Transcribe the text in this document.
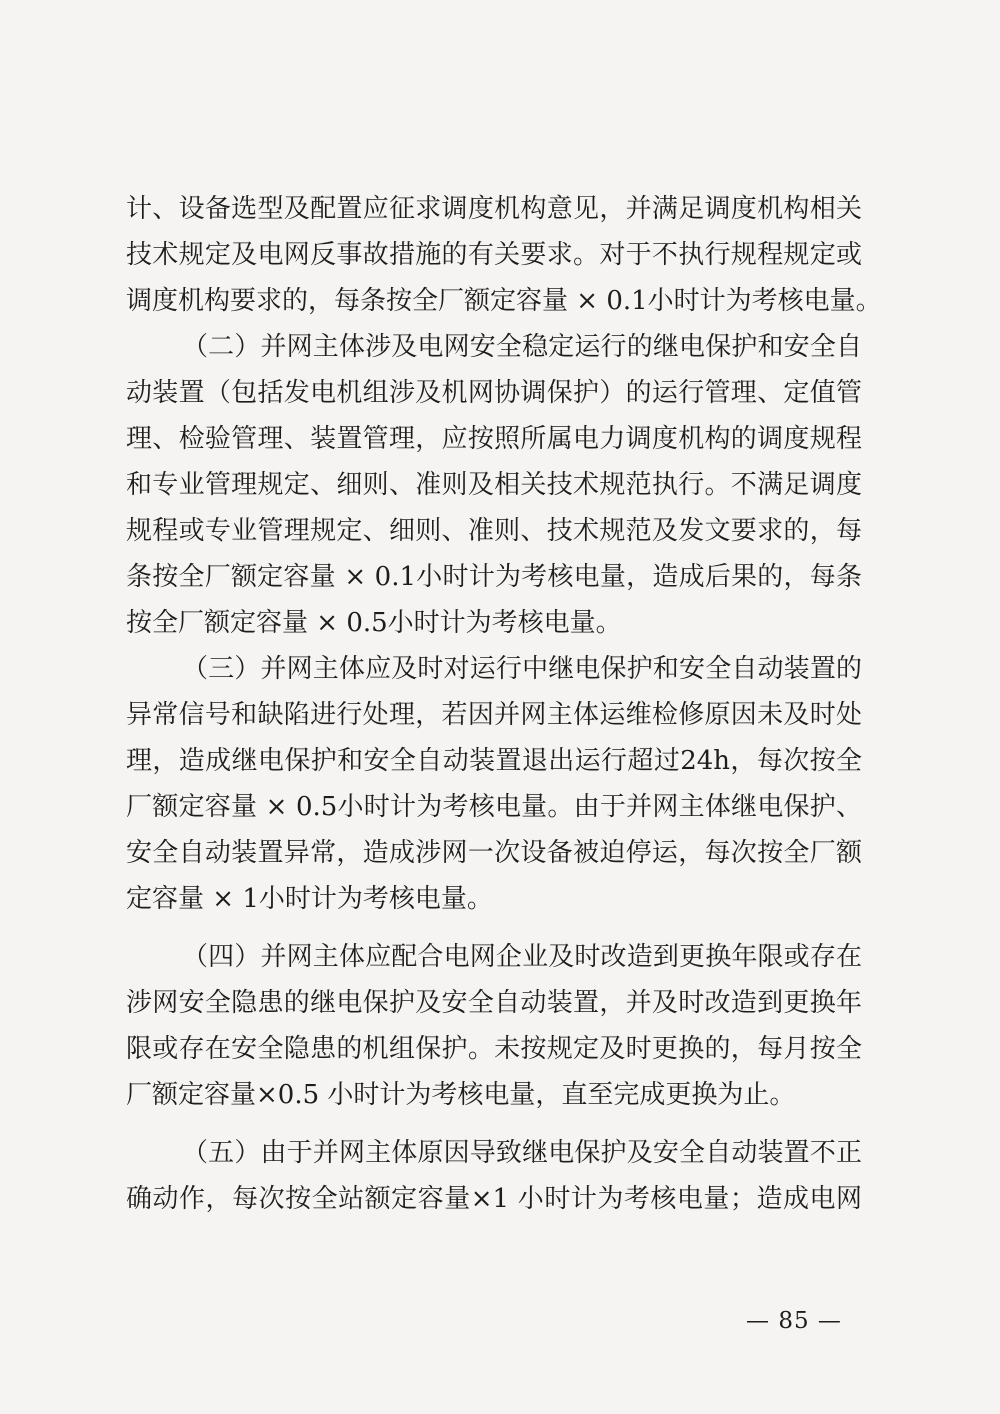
计、设备选型及配置应征求调度机构意见，并满足调度机构相关
技术规定及电网反事故措施的有关要求。对于不执行规程规定或
调度机构要求的，每条按全厂额定容量 × 0.1小时计为考核电量。
（二）并网主体涉及电网安全稳定运行的继电保护和安全自
动装置（包括发电机组涉及机网协调保护）的运行管理、定值管
理、检验管理、装置管理，应按照所属电力调度机构的调度规程
和专业管理规定、细则、准则及相关技术规范执行。不满足调度
规程或专业管理规定、细则、准则、技术规范及发文要求的，每
条按全厂额定容量 × 0.1小时计为考核电量，造成后果的，每条
按全厂额定容量 × 0.5小时计为考核电量。
（三）并网主体应及时对运行中继电保护和安全自动装置的
异常信号和缺陷进行处理，若因并网主体运维检修原因未及时处
理，造成继电保护和安全自动装置退出运行超过24h，每次按全
厂额定容量 × 0.5小时计为考核电量。由于并网主体继电保护、
安全自动装置异常，造成涉网一次设备被迫停运，每次按全厂额
定容量 × 1小时计为考核电量。
（四）并网主体应配合电网企业及时改造到更换年限或存在
涉网安全隐患的继电保护及安全自动装置，并及时改造到更换年
限或存在安全隐患的机组保护。未按规定及时更换的，每月按全
厂额定容量×0.5 小时计为考核电量，直至完成更换为止。
（五）由于并网主体原因导致继电保护及安全自动装置不正
确动作，每次按全站额定容量×1 小时计为考核电量；造成电网
— 85 —
